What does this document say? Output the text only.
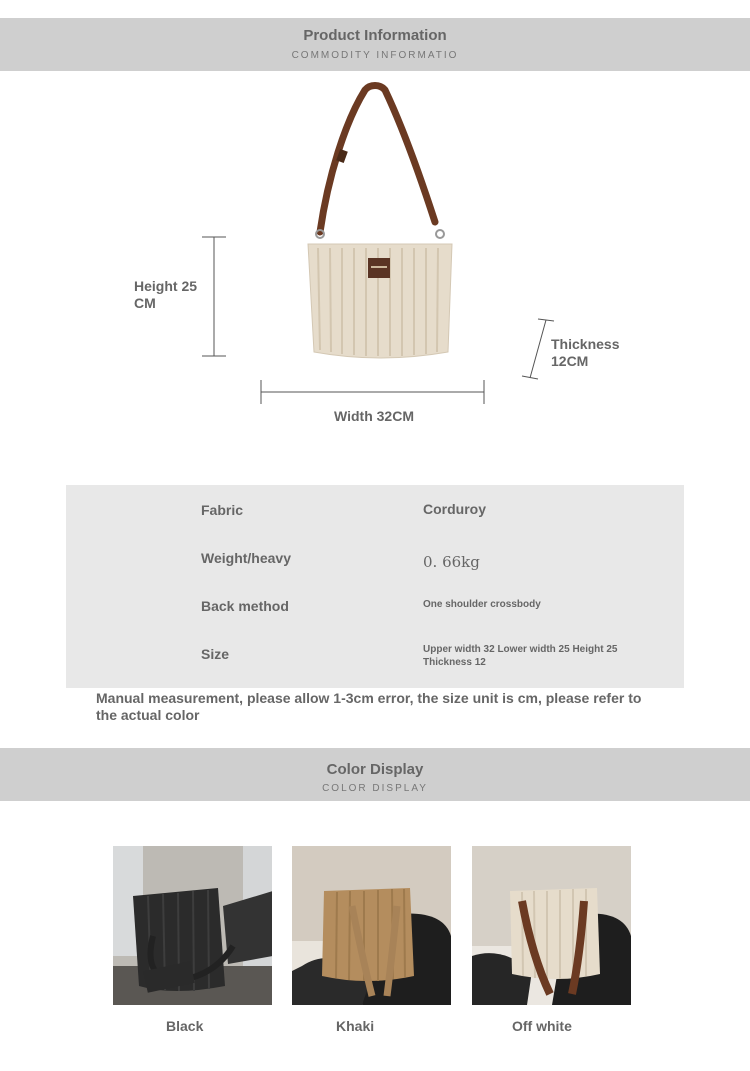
Product Information
COMMODITY INFORMATIO
Height 25 CM
Thickness 12CM
Width 32CM
Fabric	Corduroy
Weight/heavy	0. 66kg
Back method	One shoulder crossbody
Size	Upper width 32 Lower width 25 Height 25 Thickness 12
Manual measurement, please allow 1-3cm error, the size unit is cm, please refer to the actual color
Color Display
COLOR DISPLAY
Black	Khaki	Off white
